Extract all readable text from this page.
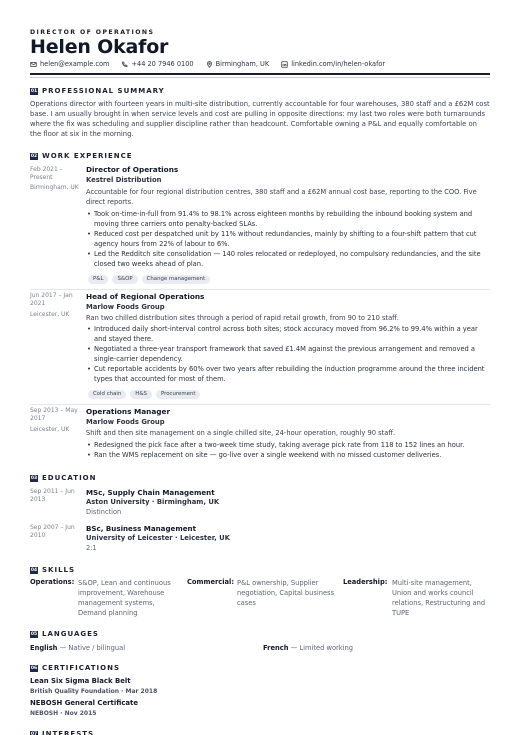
DIRECTOR OF OPERATIONS
Helen Okafor
helen@example.com	+44 20 7946 0100	Birmingham, UK	linkedin.com/in/helen-okafor
01 PROFESSIONAL SUMMARY
Operations director with fourteen years in multi-site distribution, currently accountable for four warehouses, 380 staff and a £62M cost base. I am usually brought in when service levels and cost are pulling in opposite directions: my last two roles were both turnarounds where the fix was scheduling and supplier discipline rather than headcount. Comfortable owning a P&L and equally comfortable on the floor at six in the morning.
02 WORK EXPERIENCE
Feb 2021 – Present
Birmingham, UK
Director of Operations
Kestrel Distribution
Accountable for four regional distribution centres, 380 staff and a £62M annual cost base, reporting to the COO. Five direct reports.
• Took on-time-in-full from 91.4% to 98.1% across eighteen months by rebuilding the inbound booking system and moving three carriers onto penalty-backed SLAs.
• Reduced cost per despatched unit by 11% without redundancies, mainly by shifting to a four-shift pattern that cut agency hours from 22% of labour to 6%.
• Led the Redditch site consolidation — 140 roles relocated or redeployed, no compulsory redundancies, and the site closed two weeks ahead of plan.
P&L	S&OP	Change management
Jun 2017 – Jan 2021
Leicester, UK
Head of Regional Operations
Marlow Foods Group
Ran two chilled distribution sites through a period of rapid retail growth, from 90 to 210 staff.
• Introduced daily short-interval control across both sites; stock accuracy moved from 96.2% to 99.4% within a year and stayed there.
• Negotiated a three-year transport framework that saved £1.4M against the previous arrangement and removed a single-carrier dependency.
• Cut reportable accidents by 60% over two years after rebuilding the induction programme around the three incident types that accounted for most of them.
Cold chain	H&S	Procurement
Sep 2013 – May 2017
Leicester, UK
Operations Manager
Marlow Foods Group
Shift and then site management on a single chilled site, 24-hour operation, roughly 90 staff.
• Redesigned the pick face after a two-week time study, taking average pick rate from 118 to 152 lines an hour.
• Ran the WMS replacement on site — go-live over a single weekend with no missed customer deliveries.
03 EDUCATION
Sep 2011 – Jun 2013
MSc, Supply Chain Management
Aston University · Birmingham, UK
Distinction
Sep 2007 – Jun 2010
BSc, Business Management
University of Leicester · Leicester, UK
2:1
04 SKILLS
Operations: S&OP, Lean and continuous improvement, Warehouse management systems, Demand planning
Commercial: P&L ownership, Supplier negotiation, Capital business cases
Leadership: Multi-site management, Union and works council relations, Restructuring and TUPE
05 LANGUAGES
English — Native / bilingual	French — Limited working
06 CERTIFICATIONS
Lean Six Sigma Black Belt
British Quality Foundation · Mar 2018
NEBOSH General Certificate
NEBOSH · Nov 2015
07 INTERESTS
